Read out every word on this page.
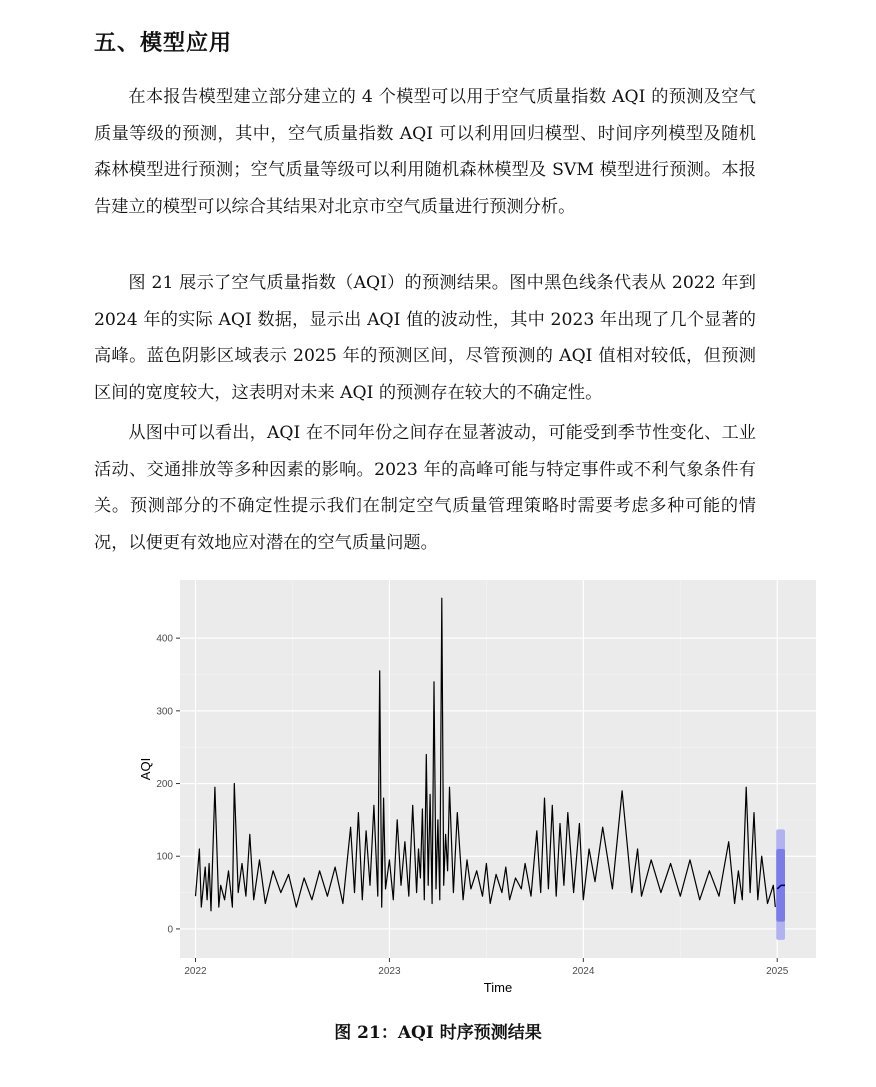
五、模型应用

在本报告模型建立部分建立的 4 个模型可以用于空气质量指数 AQI 的预测及空气质量等级的预测，其中，空气质量指数 AQI 可以利用回归模型、时间序列模型及随机森林模型进行预测；空气质量等级可以利用随机森林模型及 SVM 模型进行预测。本报告建立的模型可以综合其结果对北京市空气质量进行预测分析。

图 21 展示了空气质量指数（AQI）的预测结果。图中黑色线条代表从 2022 年到 2024 年的实际 AQI 数据，显示出 AQI 值的波动性，其中 2023 年出现了几个显著的高峰。蓝色阴影区域表示 2025 年的预测区间，尽管预测的 AQI 值相对较低，但预测区间的宽度较大，这表明对未来 AQI 的预测存在较大的不确定性。

从图中可以看出，AQI 在不同年份之间存在显著波动，可能受到季节性变化、工业活动、交通排放等多种因素的影响。2023 年的高峰可能与特定事件或不利气象条件有关。预测部分的不确定性提示我们在制定空气质量管理策略时需要考虑多种可能的情况，以便更有效地应对潜在的空气质量问题。

2022	2023	2024	2025
0
100
200
300
400
Time
AQI
图 21：AQI 时序预测结果
